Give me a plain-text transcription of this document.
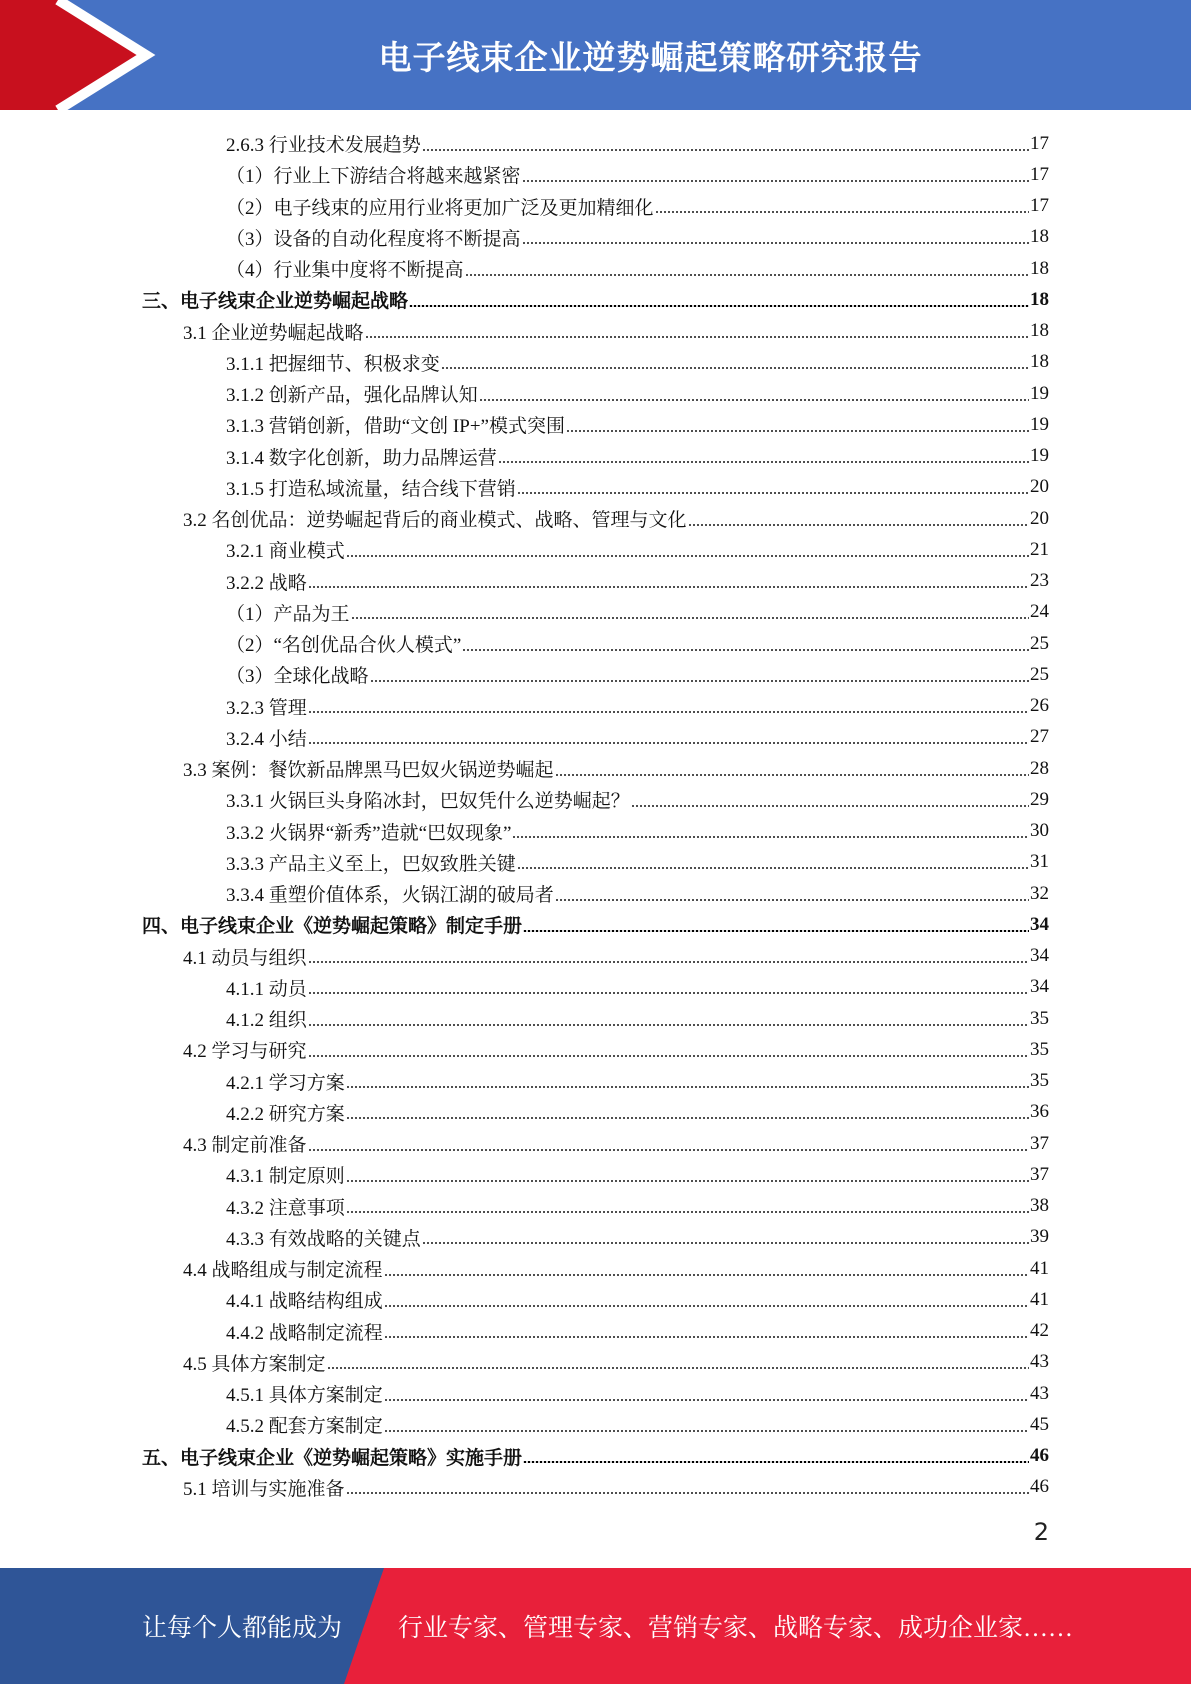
电子线束企业逆势崛起策略研究报告
2.6.3 行业技术发展趋势	17
（1）行业上下游结合将越来越紧密	17
（2）电子线束的应用行业将更加广泛及更加精细化	17
（3）设备的自动化程度将不断提高	18
（4）行业集中度将不断提高	18
三、电子线束企业逆势崛起战略	18
3.1 企业逆势崛起战略	18
3.1.1 把握细节、积极求变	18
3.1.2 创新产品，强化品牌认知	19
3.1.3 营销创新，借助“文创 IP+”模式突围	19
3.1.4 数字化创新，助力品牌运营	19
3.1.5 打造私域流量，结合线下营销	20
3.2 名创优品：逆势崛起背后的商业模式、战略、管理与文化	20
3.2.1 商业模式	21
3.2.2 战略	23
（1）产品为王	24
（2）“名创优品合伙人模式”	25
（3）全球化战略	25
3.2.3 管理	26
3.2.4 小结	27
3.3 案例：餐饮新品牌黑马巴奴火锅逆势崛起	28
3.3.1 火锅巨头身陷冰封，巴奴凭什么逆势崛起？	29
3.3.2 火锅界“新秀”造就“巴奴现象”	30
3.3.3 产品主义至上，巴奴致胜关键	31
3.3.4 重塑价值体系，火锅江湖的破局者	32
四、电子线束企业《逆势崛起策略》制定手册	34
4.1 动员与组织	34
4.1.1 动员	34
4.1.2 组织	35
4.2 学习与研究	35
4.2.1 学习方案	35
4.2.2 研究方案	36
4.3 制定前准备	37
4.3.1 制定原则	37
4.3.2 注意事项	38
4.3.3 有效战略的关键点	39
4.4 战略组成与制定流程	41
4.4.1 战略结构组成	41
4.4.2 战略制定流程	42
4.5 具体方案制定	43
4.5.1 具体方案制定	43
4.5.2 配套方案制定	45
五、电子线束企业《逆势崛起策略》实施手册	46
5.1 培训与实施准备	46
2
让每个人都能成为 行业专家、管理专家、营销专家、战略专家、成功企业家……
